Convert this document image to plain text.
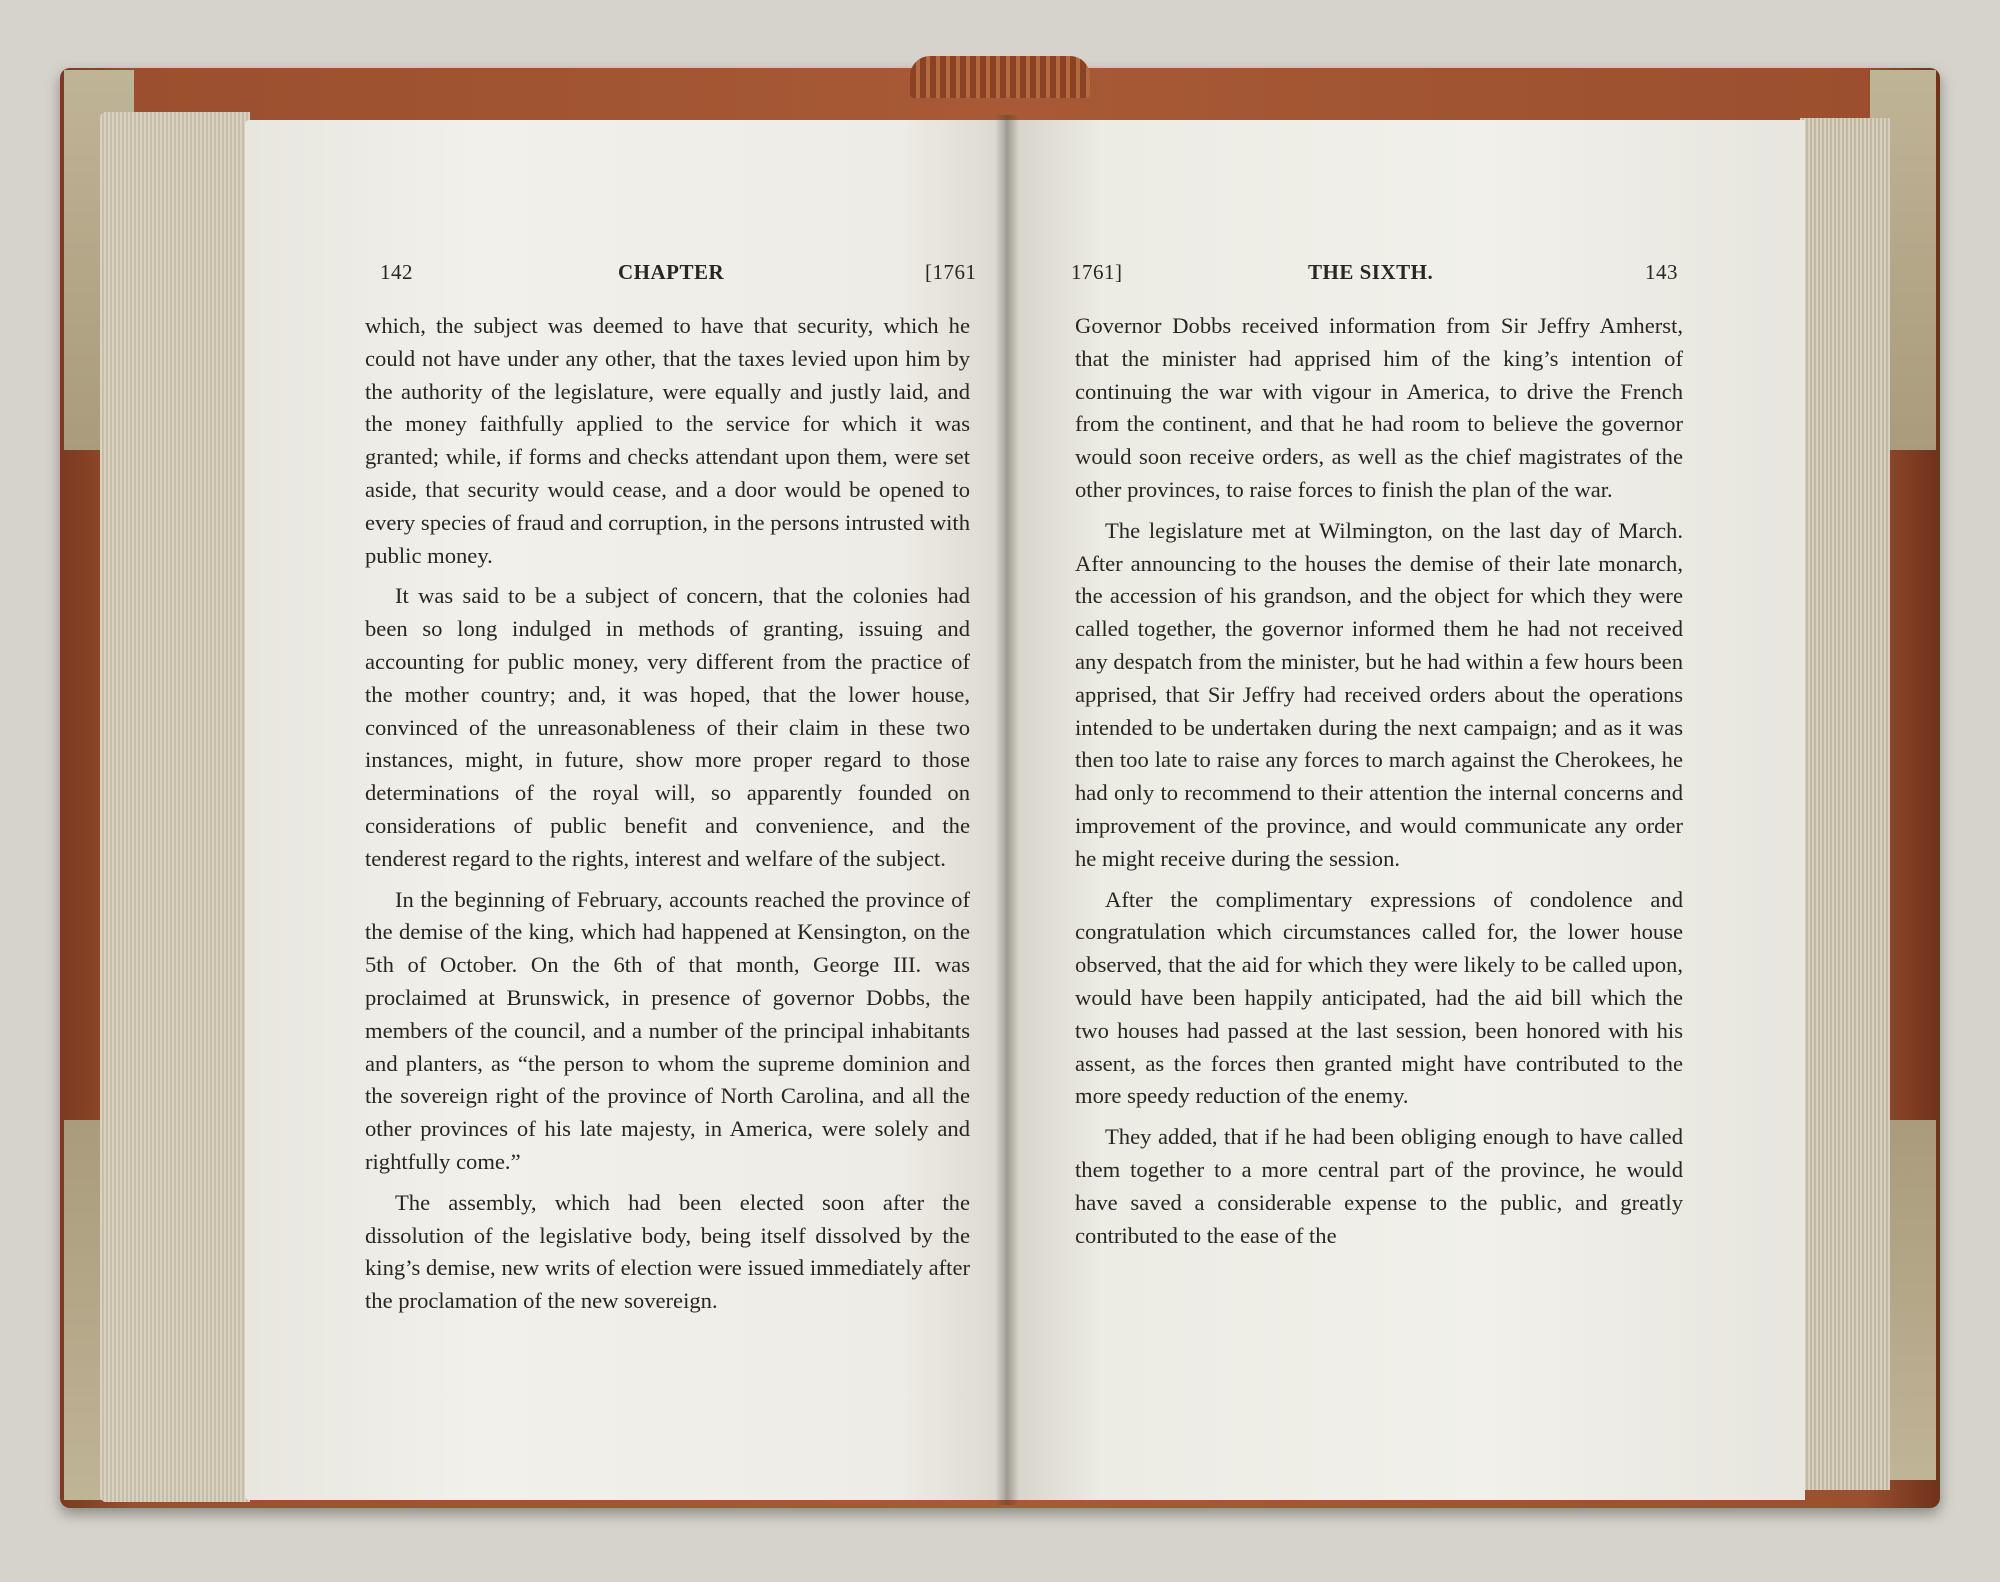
142	CHAPTER	[1761

which, the subject was deemed to have that security, which he could not have under any other, that the taxes levied upon him by the authority of the legislature, were equally and justly laid, and the money faithfully applied to the service for which it was granted; while, if forms and checks attendant upon them, were set aside, that security would cease, and a door would be opened to every species of fraud and corruption, in the persons intrusted with public money.

It was said to be a subject of concern, that the colonies had been so long indulged in methods of granting, issuing and accounting for public money, very different from the practice of the mother country; and, it was hoped, that the lower house, convinced of the unreasonableness of their claim in these two instances, might, in future, show more proper regard to those determinations of the royal will, so apparently founded on considerations of public benefit and convenience, and the tenderest regard to the rights, interest and welfare of the subject.

In the beginning of February, accounts reached the province of the demise of the king, which had happened at Kensington, on the 5th of October. On the 6th of that month, George III. was proclaimed at Brunswick, in presence of governor Dobbs, the members of the council, and a number of the principal inhabitants and planters, as “the person to whom the supreme dominion and the sovereign right of the province of North Carolina, and all the other provinces of his late majesty, in America, were solely and rightfully come.”

The assembly, which had been elected soon after the dissolution of the legislative body, being itself dissolved by the king’s demise, new writs of election were issued immediately after the proclamation of the new sovereign.

1761]	THE SIXTH.	143

Governor Dobbs received information from Sir Jeffry Amherst, that the minister had apprised him of the king’s intention of continuing the war with vigour in America, to drive the French from the continent, and that he had room to believe the governor would soon receive orders, as well as the chief magistrates of the other provinces, to raise forces to finish the plan of the war.

The legislature met at Wilmington, on the last day of March. After announcing to the houses the demise of their late monarch, the accession of his grandson, and the object for which they were called together, the governor informed them he had not received any despatch from the minister, but he had within a few hours been apprised, that Sir Jeffry had received orders about the operations intended to be undertaken during the next campaign; and as it was then too late to raise any forces to march against the Cherokees, he had only to recommend to their attention the internal concerns and improvement of the province, and would communicate any order he might receive during the session.

After the complimentary expressions of condolence and congratulation which circumstances called for, the lower house observed, that the aid for which they were likely to be called upon, would have been happily anticipated, had the aid bill which the two houses had passed at the last session, been honored with his assent, as the forces then granted might have contributed to the more speedy reduction of the enemy.

They added, that if he had been obliging enough to have called them together to a more central part of the province, he would have saved a considerable expense to the public, and greatly contributed to the ease of the
